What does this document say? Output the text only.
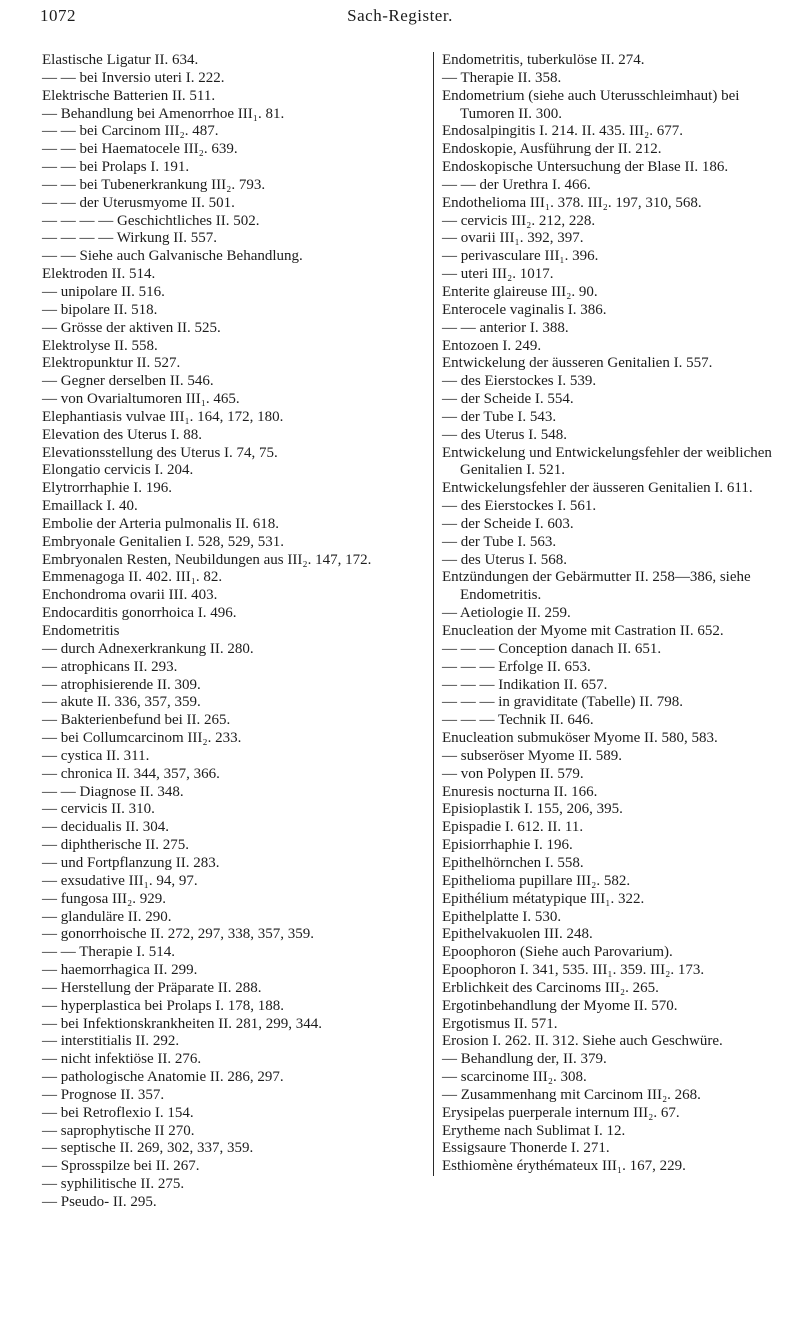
1072	Sach-Register.
Elastische Ligatur II. 634.
— — bei Inversio uteri I. 222.
Elektrische Batterien II. 511.
— Behandlung bei Amenorrhoe III₁. 81.
— — bei Carcinom III₂. 487.
— — bei Haematocele III₂. 639.
— — bei Prolaps I. 191.
— — bei Tubenerkrankung III₂. 793.
— — der Uterusmyome II. 501.
— — — — Geschichtliches II. 502.
— — — — Wirkung II. 557.
— — Siehe auch Galvanische Behandlung.
Elektroden II. 514.
— unipolare II. 516.
— bipolare II. 518.
— Grösse der aktiven II. 525.
Elektrolyse II. 558.
Elektropunktur II. 527.
— Gegner derselben II. 546.
— von Ovarialtumoren III₁. 465.
Elephantiasis vulvae III₁. 164, 172, 180.
Elevation des Uterus I. 88.
Elevationsstellung des Uterus I. 74, 75.
Elongatio cervicis I. 204.
Elytrorrhaphie I. 196.
Emaillack I. 40.
Embolie der Arteria pulmonalis II. 618.
Embryonale Genitalien I. 528, 529, 531.
Embryonalen Resten, Neubildungen aus III₂. 147, 172.
Emmenagoga II. 402. III₁. 82.
Enchondroma ovarii III. 403.
Endocarditis gonorrhoica I. 496.
Endometritis
— durch Adnexerkrankung II. 280.
— atrophicans II. 293.
— atrophisierende II. 309.
— akute II. 336, 357, 359.
— Bakterienbefund bei II. 265.
— bei Collumcarcinom III₂. 233.
— cystica II. 311.
— chronica II. 344, 357, 366.
— — Diagnose II. 348.
— cervicis II. 310.
— decidualis II. 304.
— diphtherische II. 275.
— und Fortpflanzung II. 283.
— exsudative III₁. 94, 97.
— fungosa III₂. 929.
— glanduläre II. 290.
— gonorrhoische II. 272, 297, 338, 357, 359.
— — Therapie I. 514.
— haemorrhagica II. 299.
— Herstellung der Präparate II. 288.
— hyperplastica bei Prolaps I. 178, 188.
— bei Infektionskrankheiten II. 281, 299, 344.
— interstitialis II. 292.
— nicht infektiöse II. 276.
— pathologische Anatomie II. 286, 297.
— Prognose II. 357.
— bei Retroflexio I. 154.
— saprophytische II 270.
— septische II. 269, 302, 337, 359.
— Sprosspilze bei II. 267.
— syphilitische II. 275.
— Pseudo- II. 295.
Endometritis, tuberkulöse II. 274.
— Therapie II. 358.
Endometrium (siehe auch Uterusschleimhaut) bei Tumoren II. 300.
Endosalpingitis I. 214. II. 435. III₂. 677.
Endoskopie, Ausführung der II. 212.
Endoskopische Untersuchung der Blase II. 186.
— — der Urethra I. 466.
Endothelioma III₁. 378. III₂. 197, 310, 568.
— cervicis III₂. 212, 228.
— ovarii III₁. 392, 397.
— perivasculare III₁. 396.
— uteri III₂. 1017.
Enterite glaireuse III₂. 90.
Enterocele vaginalis I. 386.
— — anterior I. 388.
Entozoen I. 249.
Entwickelung der äusseren Genitalien I. 557.
— des Eierstockes I. 539.
— der Scheide I. 554.
— der Tube I. 543.
— des Uterus I. 548.
Entwickelung und Entwickelungsfehler der weiblichen Genitalien I. 521.
Entwickelungsfehler der äusseren Genitalien I. 611.
— des Eierstockes I. 561.
— der Scheide I. 603.
— der Tube I. 563.
— des Uterus I. 568.
Entzündungen der Gebärmutter II. 258—386, siehe Endometritis.
— Aetiologie II. 259.
Enucleation der Myome mit Castration II. 652.
— — — Conception danach II. 651.
— — — Erfolge II. 653.
— — — Indikation II. 657.
— — — in graviditate (Tabelle) II. 798.
— — — Technik II. 646.
Enucleation submuköser Myome II. 580, 583.
— subseröser Myome II. 589.
— von Polypen II. 579.
Enuresis nocturna II. 166.
Episioplastik I. 155, 206, 395.
Epispadie I. 612. II. 11.
Episiorrhaphie I. 196.
Epithelhörnchen I. 558.
Epithelioma pupillare III₂. 582.
Epithélium métatypique III₁. 322.
Epithelplatte I. 530.
Epithelvakuolen III. 248.
Epoophoron (Siehe auch Parovarium).
Epoophoron I. 341, 535. III₁. 359. III₂. 173.
Erblichkeit des Carcinoms III₂. 265.
Ergotinbehandlung der Myome II. 570.
Ergotismus II. 571.
Erosion I. 262. II. 312. Siehe auch Geschwüre.
— Behandlung der, II. 379.
— scarcinome III₂. 308.
— Zusammenhang mit Carcinom III₂. 268.
Erysipelas puerperale internum III₂. 67.
Erytheme nach Sublimat I. 12.
Essigsaure Thonerde I. 271.
Esthiomène érythémateux III₁. 167, 229.
